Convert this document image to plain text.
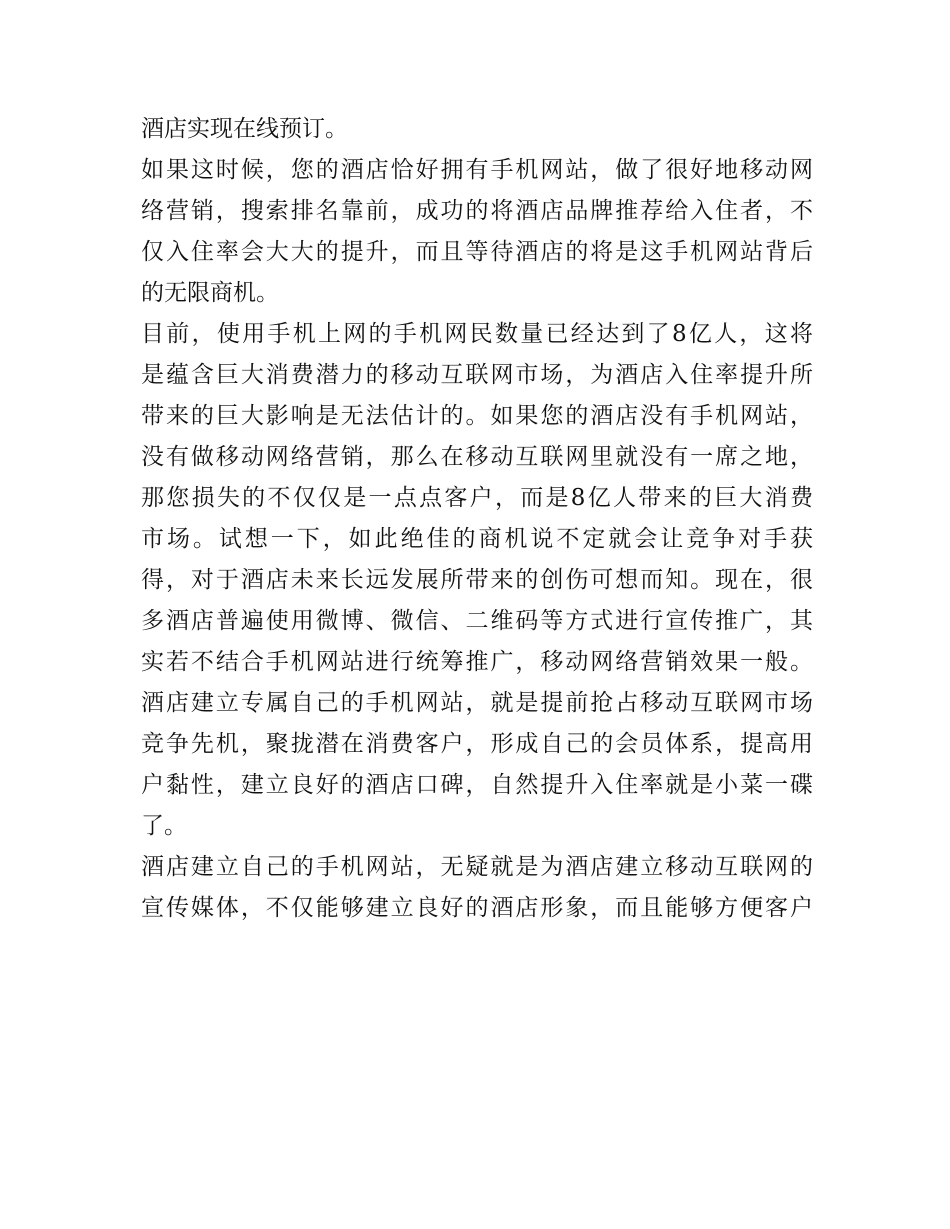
酒店实现在线预订。
如果这时候，您的酒店恰好拥有手机网站，做了很好地移动网
络营销，搜索排名靠前，成功的将酒店品牌推荐给入住者，不
仅入住率会大大的提升，而且等待酒店的将是这手机网站背后
的无限商机。
目前，使用手机上网的手机网民数量已经达到了8亿人，这将
是蕴含巨大消费潜力的移动互联网市场，为酒店入住率提升所
带来的巨大影响是无法估计的。如果您的酒店没有手机网站，
没有做移动网络营销，那么在移动互联网里就没有一席之地，
那您损失的不仅仅是一点点客户，而是8亿人带来的巨大消费
市场。试想一下，如此绝佳的商机说不定就会让竞争对手获
得，对于酒店未来长远发展所带来的创伤可想而知。现在，很
多酒店普遍使用微博、微信、二维码等方式进行宣传推广，其
实若不结合手机网站进行统筹推广，移动网络营销效果一般。
酒店建立专属自己的手机网站，就是提前抢占移动互联网市场
竞争先机，聚拢潜在消费客户，形成自己的会员体系，提高用
户黏性，建立良好的酒店口碑，自然提升入住率就是小菜一碟
了。
酒店建立自己的手机网站，无疑就是为酒店建立移动互联网的
宣传媒体，不仅能够建立良好的酒店形象，而且能够方便客户
